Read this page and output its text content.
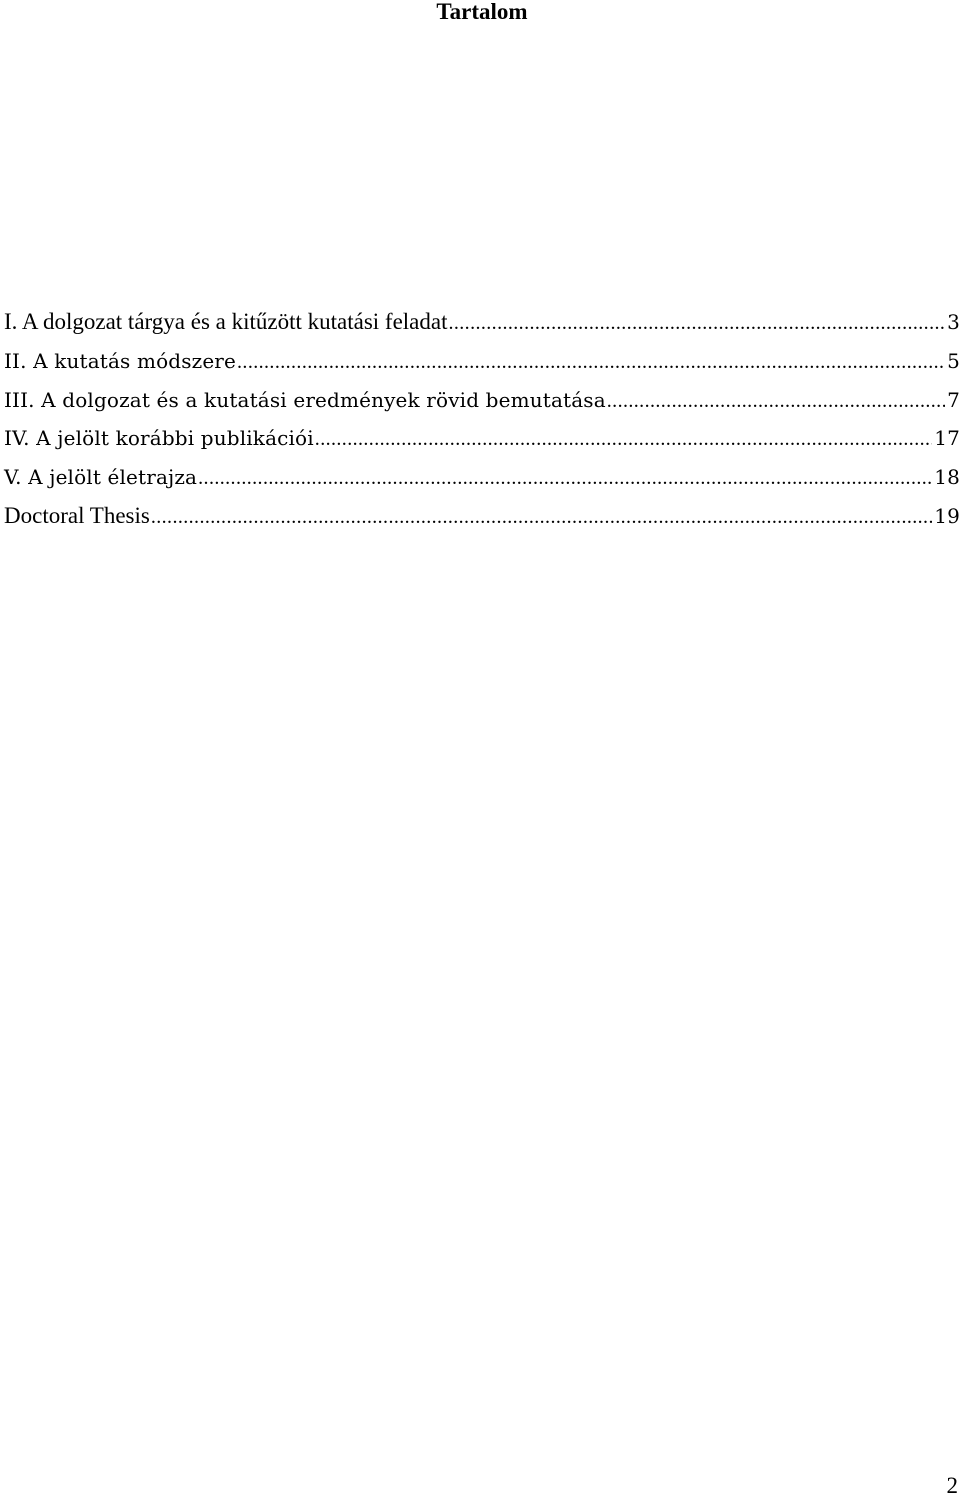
Tartalom
I. A dolgozat tárgya és a kitűzött kutatási feladat .....	3
II. A kutatás módszere .....	5
III. A dolgozat és a kutatási eredmények rövid bemutatása .....	7
IV. A jelölt korábbi publikációi .....	17
V. A jelölt életrajza .....	18
Doctoral Thesis .....	19
2
